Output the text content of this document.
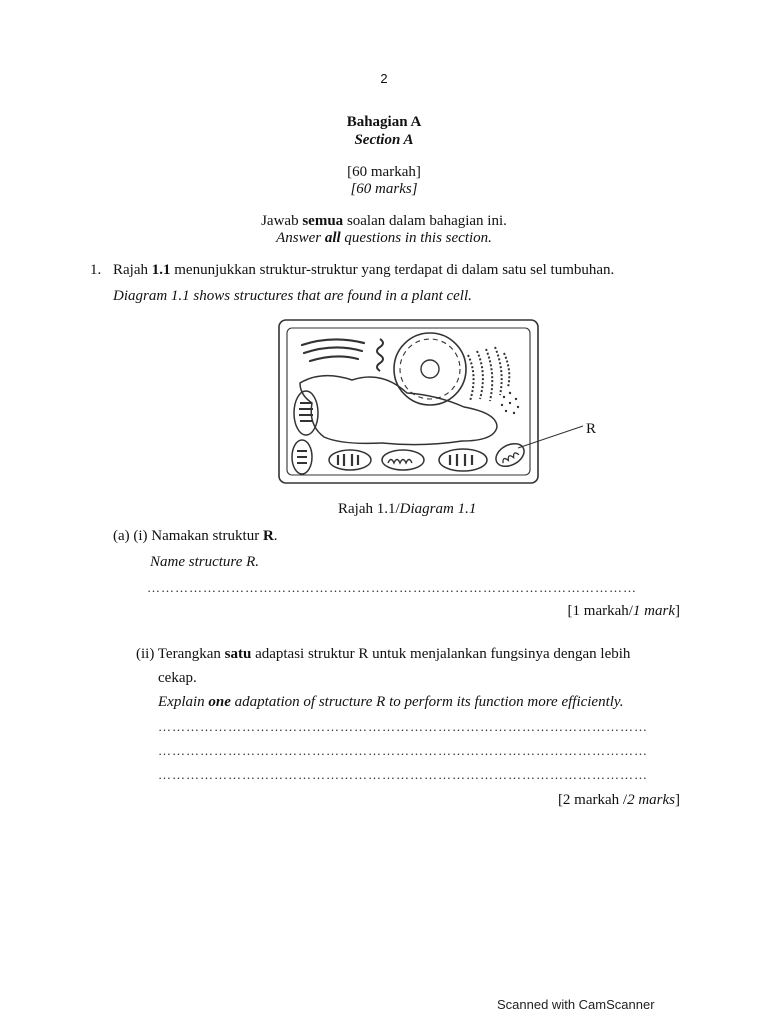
2
Bahagian A
Section A
[60 markah]
[60 marks]
Jawab semua soalan dalam bahagian ini.
Answer all questions in this section.
1. Rajah 1.1 menunjukkan struktur-struktur yang terdapat di dalam satu sel tumbuhan.
Diagram 1.1 shows structures that are found in a plant cell.
R
Rajah 1.1/Diagram 1.1
(a) (i) Namakan struktur R.
Name structure R.
……………………………………………………………………………………………
[1 markah/1 mark]
(ii) Terangkan satu adaptasi struktur R untuk menjalankan fungsinya dengan lebih
cekap.
Explain one adaptation of structure R to perform its function more efficiently.
……………………………………………………………………………………………
……………………………………………………………………………………………
……………………………………………………………………………………………
[2 markah /2 marks]
Scanned with CamScanner
